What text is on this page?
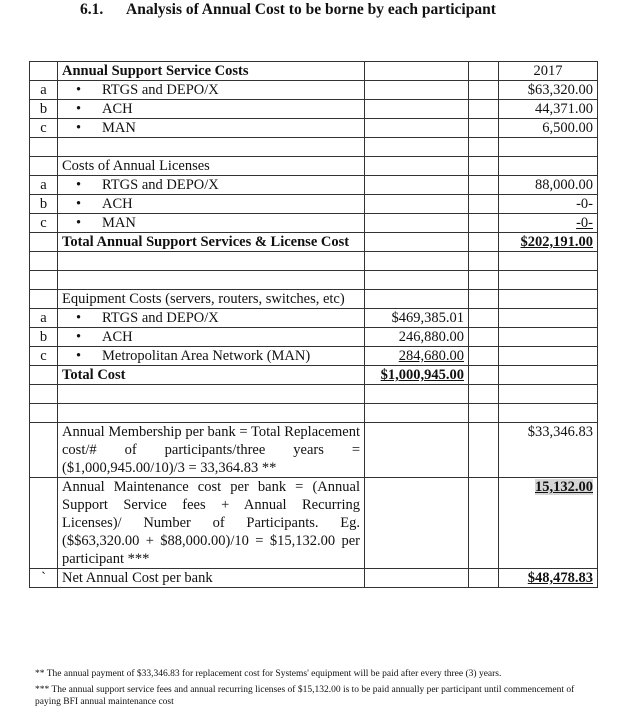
6.1. Analysis of Annual Cost to be borne by each participant
	Annual Support Service Costs			2017
a	• RTGS and DEPO/X			$63,320.00
b	• ACH			44,371.00
c	• MAN			6,500.00

	Costs of Annual Licenses			
a	• RTGS and DEPO/X			88,000.00
b	• ACH			-0-
c	• MAN			-0-
	Total Annual Support Services & License Cost			$202,191.00

	Equipment Costs (servers, routers, switches, etc)			
a	• RTGS and DEPO/X	$469,385.01		
b	• ACH	246,880.00		
c	• Metropolitan Area Network (MAN)	284,680.00		
	Total Cost	$1,000,945.00		

	Annual Membership per bank = Total Replacement cost/# of participants/three years = ($1,000,945.00/10)/3 = 33,364.83 **			$33,346.83
	Annual Maintenance cost per bank = (Annual Support Service fees + Annual Recurring Licenses)/ Number of Participants. Eg. ($$63,320.00 + $88,000.00)/10 = $15,132.00 per participant ***			15,132.00
`	Net Annual Cost per bank			$48,478.83

** The annual payment of $33,346.83 for replacement cost for Systems' equipment will be paid after every three (3) years.

*** The annual support service fees and annual recurring licenses of $15,132.00 is to be paid annually per participant until commencement of paying BFI annual maintenance cost
